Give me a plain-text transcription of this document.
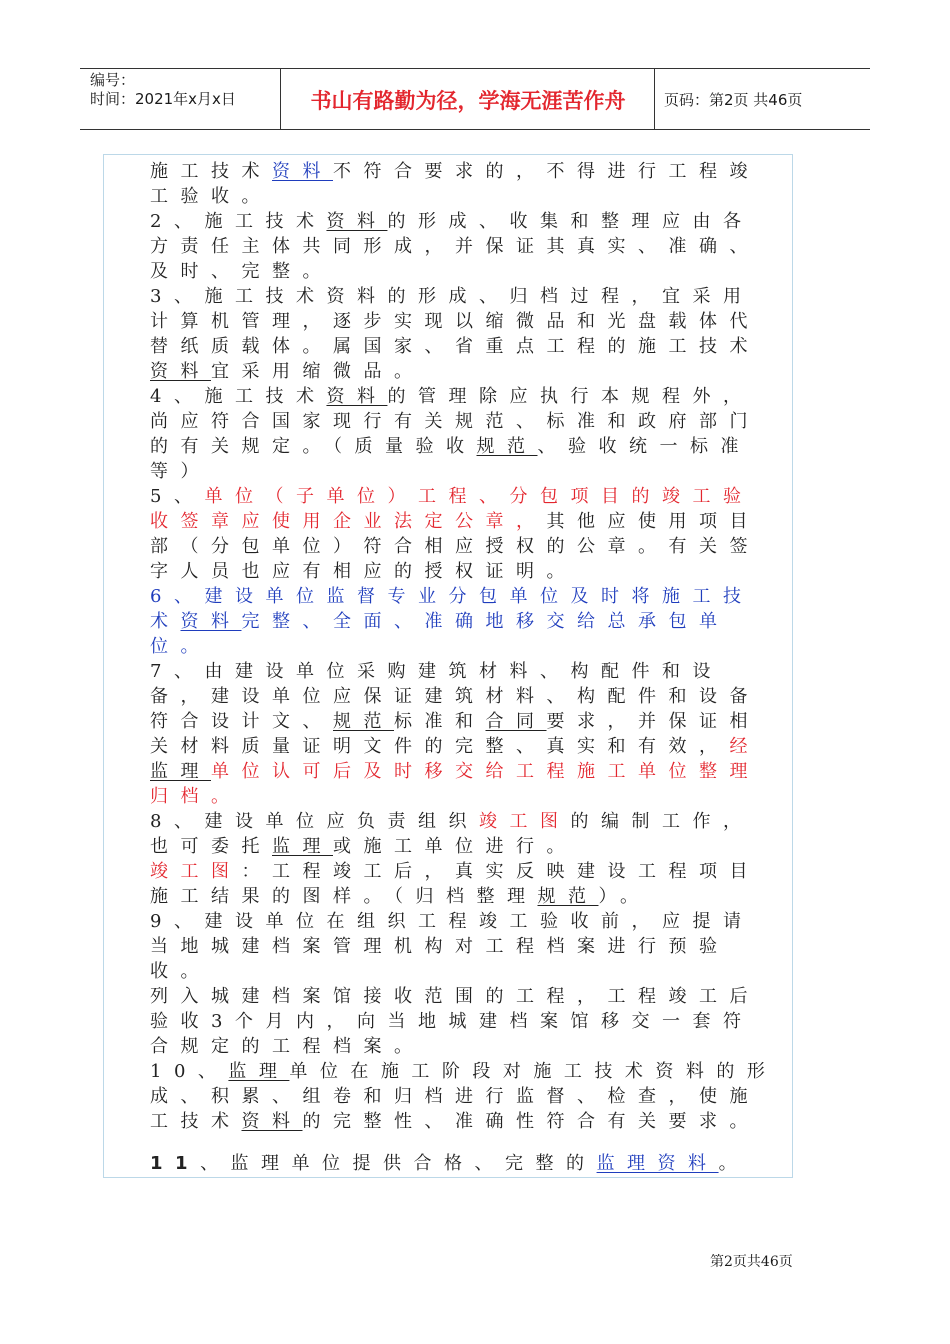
编号：
时间：2021年x月x日	书山有路勤为径，学海无涯苦作舟	页码：第2页 共46页

施工技术资料不符合要求的，不得进行工程竣工验收。

2、施工技术资料的形成、收集和整理应由各方责任主体共同形成，并保证其真实、准确、及时、完整。

3、施工技术资料的形成、归档过程，宜采用计算机管理，逐步实现以缩微品和光盘载体代替纸质载体。属国家、省重点工程的施工技术资料宜采用缩微品。

4、施工技术资料的管理除应执行本规程外，尚应符合国家现行有关规范、标准和政府部门的有关规定。（质量验收规范、验收统一标准等）

5、单位（子单位）工程、分包项目的竣工验收签章应使用企业法定公章，其他应使用项目部（分包单位）符合相应授权的公章。有关签字人员也应有相应的授权证明。

6、建设单位监督专业分包单位及时将施工技术资料完整、全面、准确地移交给总承包单位。

7、由建设单位采购建筑材料、构配件和设备，建设单位应保证建筑材料、构配件和设备符合设计文、规范标准和合同要求，并保证相关材料质量证明文件的完整、真实和有效，经监理单位认可后及时移交给工程施工单位整理归档。

8、建设单位应负责组织竣工图的编制工作，也可委托监理或施工单位进行。

竣工图：工程竣工后，真实反映建设工程项目施工结果的图样。（归档整理规范）。

9、建设单位在组织工程竣工验收前，应提请当地城建档案管理机构对工程档案进行预验收。

列入城建档案馆接收范围的工程，工程竣工后验收3个月内，向当地城建档案馆移交一套符合规定的工程档案。

10、监理单位在施工阶段对施工技术资料的形成、积累、组卷和归档进行监督、检查，使施工技术资料的完整性、准确性符合有关要求。

11、监理单位提供合格、完整的监理资料。

第2页共46页
